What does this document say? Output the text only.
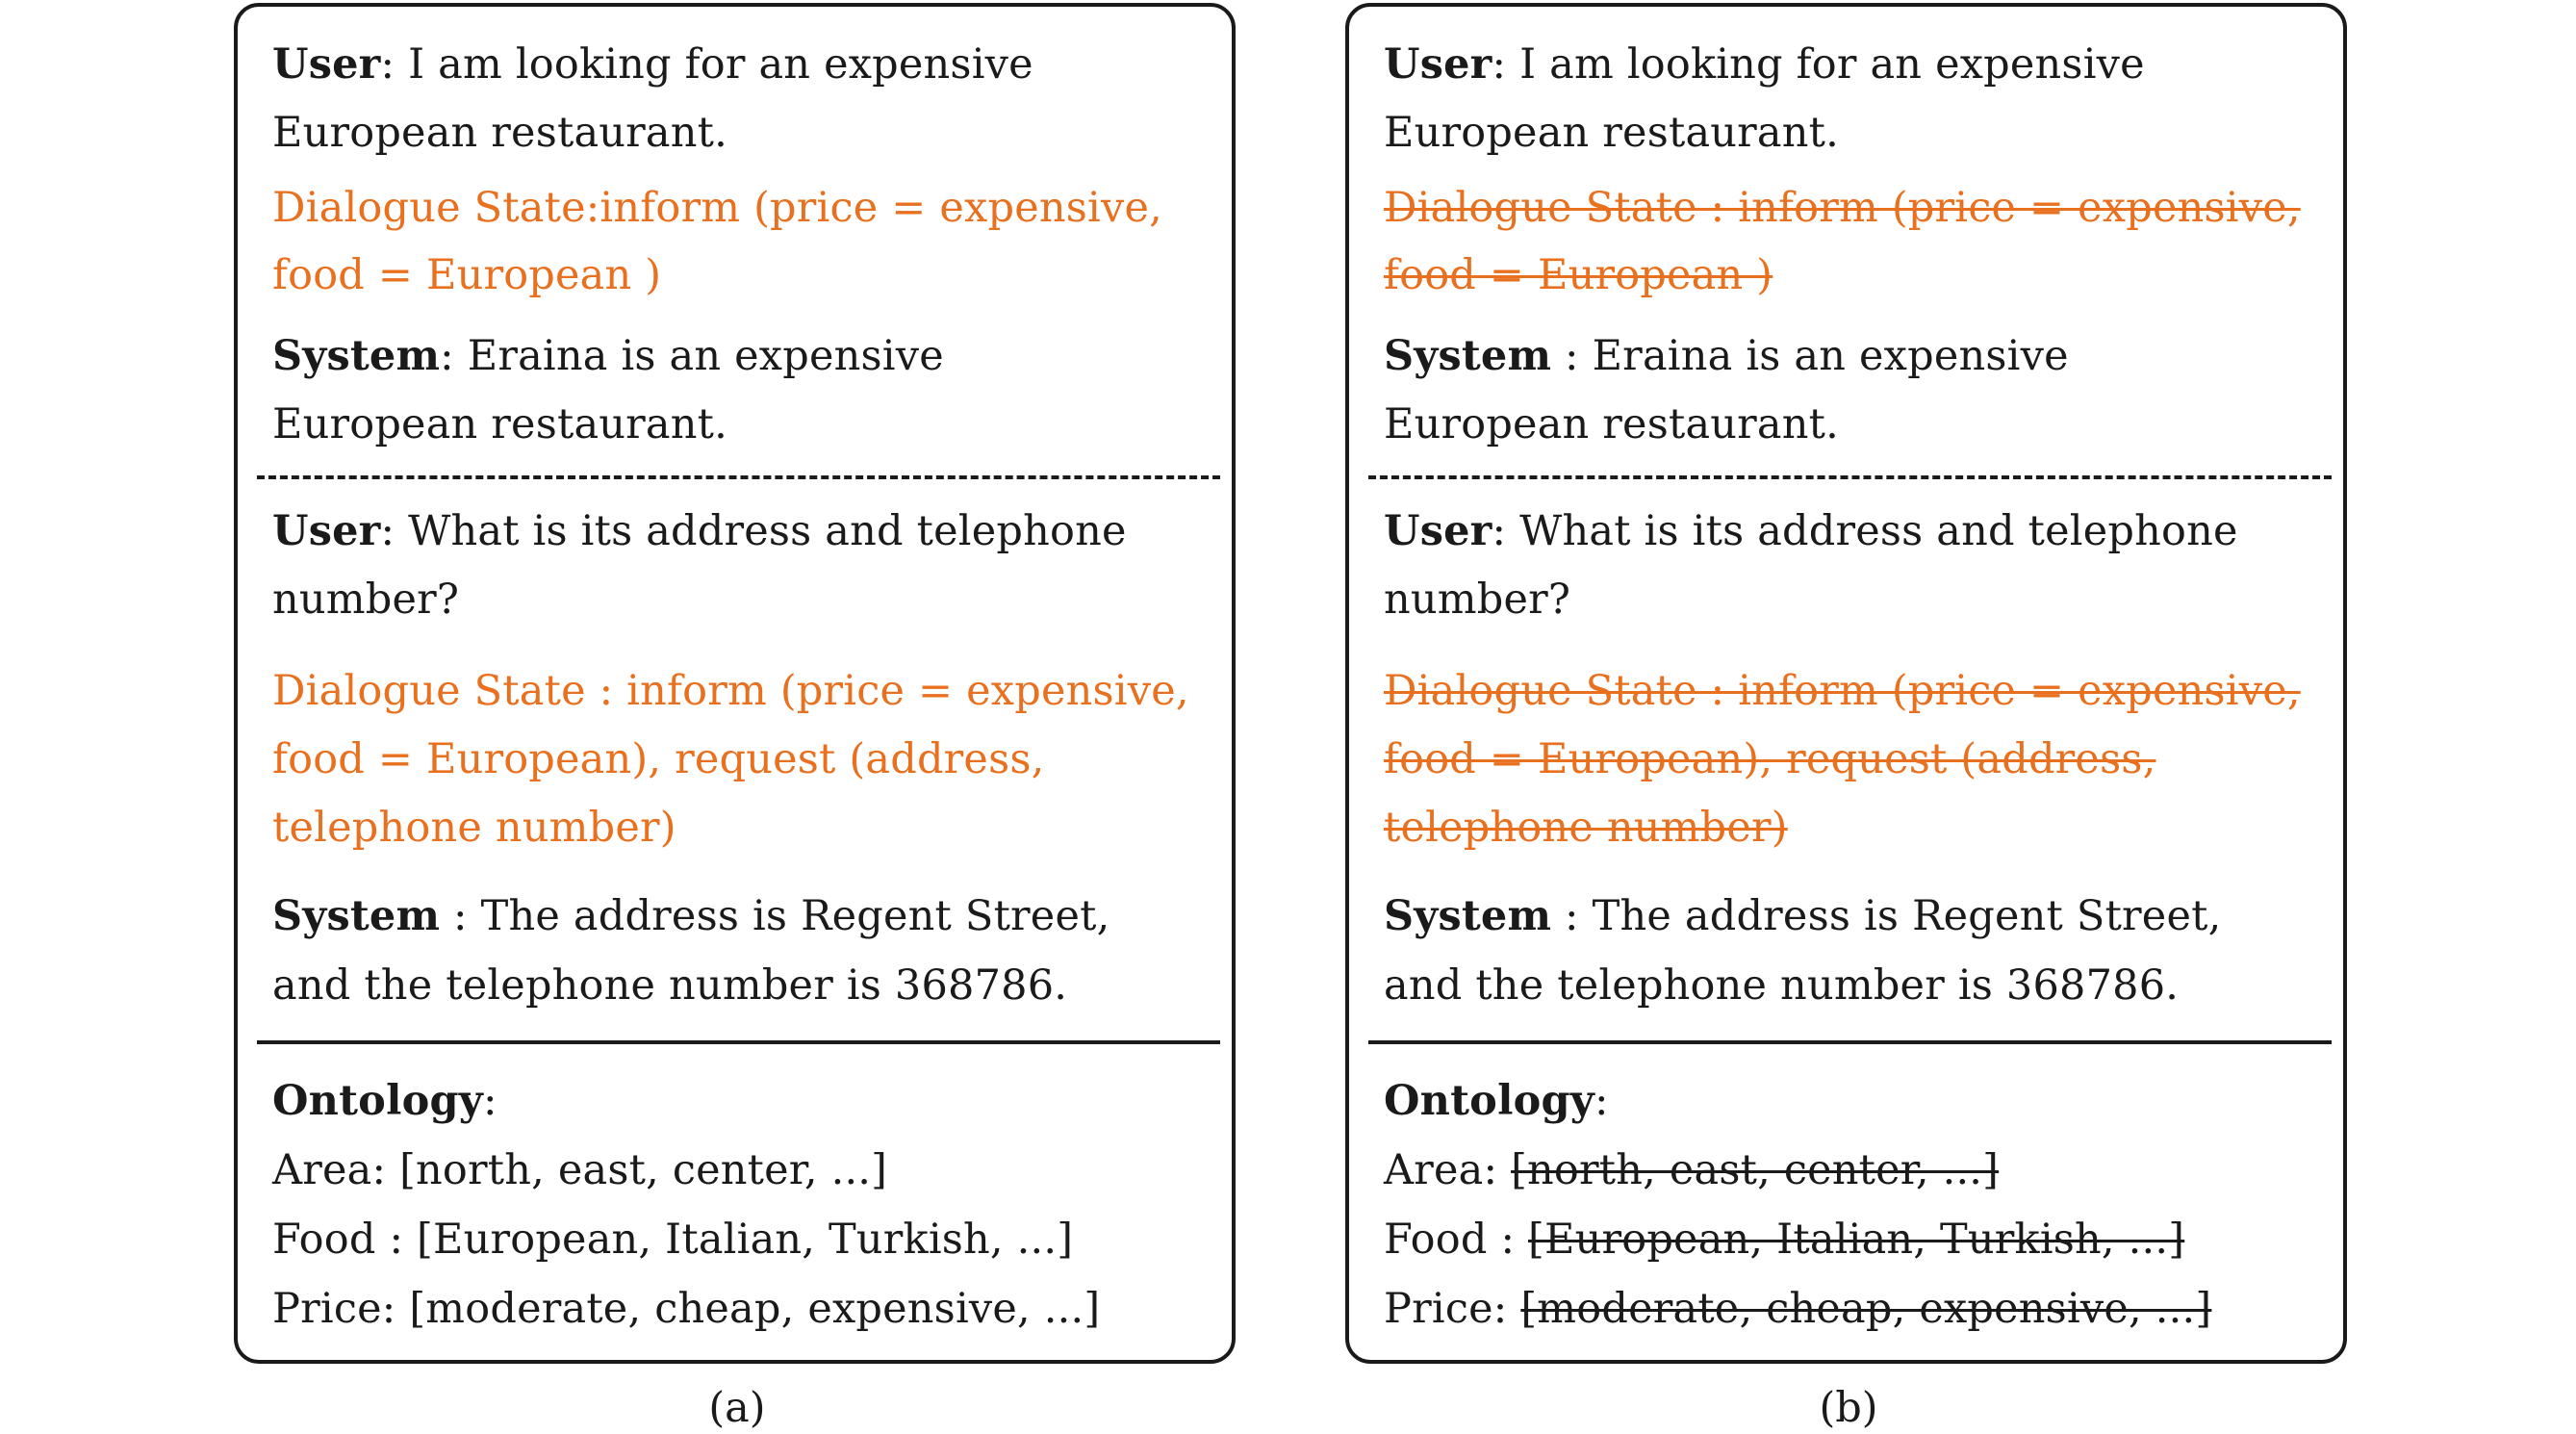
User: I am looking for an expensive
European restaurant.
Dialogue State:inform (price = expensive,
food = European )
System: Eraina is an expensive
European restaurant.
User: What is its address and telephone
number?
Dialogue State : inform (price = expensive,
food = European), request (address,
telephone number)
System : The address is Regent Street,
and the telephone number is 368786.
Ontology:
Area: [north, east, center, ...]
Food : [European, Italian, Turkish, ...]
Price: [moderate, cheap, expensive, ...]
(a)
User: I am looking for an expensive
European restaurant.
Dialogue State : inform (price = expensive,
food = European )
System : Eraina is an expensive
European restaurant.
User: What is its address and telephone
number?
Dialogue State : inform (price = expensive,
food = European), request (address,
telephone number)
System : The address is Regent Street,
and the telephone number is 368786.
Ontology:
Area: [north, east, center, ...]
Food : [European, Italian, Turkish, ...]
Price: [moderate, cheap, expensive, ...]
(b)
